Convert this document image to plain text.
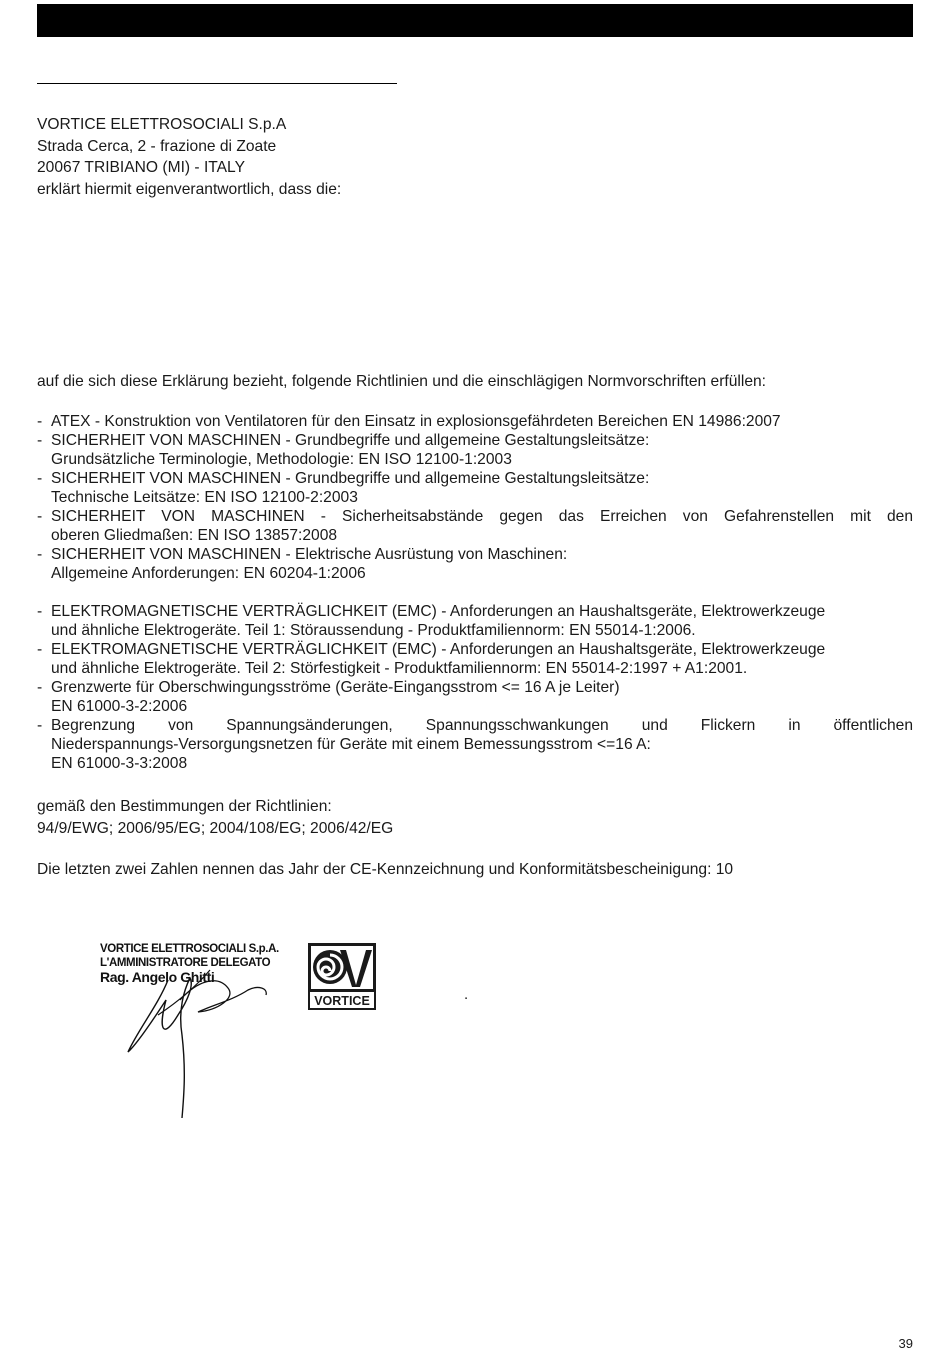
VORTICE ELETTROSOCIALI S.p.A
Strada Cerca, 2 - frazione di Zoate
20067 TRIBIANO (MI) - ITALY
erklärt hiermit eigenverantwortlich, dass die:
auf die sich diese Erklärung bezieht, folgende Richtlinien und die einschlägigen Normvorschriften erfüllen:
- ATEX - Konstruktion von Ventilatoren für den Einsatz in explosionsgefährdeten Bereichen EN 14986:2007
- SICHERHEIT VON MASCHINEN - Grundbegriffe und allgemeine Gestaltungsleitsätze:
Grundsätzliche Terminologie, Methodologie: EN ISO 12100-1:2003
- SICHERHEIT VON MASCHINEN - Grundbegriffe und allgemeine Gestaltungsleitsätze:
Technische Leitsätze: EN ISO 12100-2:2003
- SICHERHEIT VON MASCHINEN - Sicherheitsabstände gegen das Erreichen von Gefahrenstellen mit den
oberen Gliedmaßen: EN ISO 13857:2008
- SICHERHEIT VON MASCHINEN - Elektrische Ausrüstung von Maschinen:
Allgemeine Anforderungen: EN 60204-1:2006
- ELEKTROMAGNETISCHE VERTRÄGLICHKEIT (EMC) - Anforderungen an Haushaltsgeräte, Elektrowerkzeuge
und ähnliche Elektrogeräte. Teil 1: Störaussendung - Produktfamiliennorm: EN 55014-1:2006.
- ELEKTROMAGNETISCHE VERTRÄGLICHKEIT (EMC) - Anforderungen an Haushaltsgeräte, Elektrowerkzeuge
und ähnliche Elektrogeräte. Teil 2: Störfestigkeit - Produktfamiliennorm: EN 55014-2:1997 + A1:2001.
- Grenzwerte für Oberschwingungsströme (Geräte-Eingangsstrom <= 16 A je Leiter)
EN 61000-3-2:2006
- Begrenzung von Spannungsänderungen, Spannungsschwankungen und Flickern in öffentlichen
Niederspannungs-Versorgungsnetzen für Geräte mit einem Bemessungsstrom <=16 A:
EN 61000-3-3:2008
gemäß den Bestimmungen der Richtlinien:
94/9/EWG; 2006/95/EG; 2004/108/EG; 2006/42/EG
Die letzten zwei Zahlen nennen das Jahr der CE-Kennzeichnung und Konformitätsbescheinigung: 10
VORTICE ELETTROSOCIALI S.p.A.
L'AMMINISTRATORE DELEGATO
Rag. Angelo Ghitti
VORTICE	.
39
